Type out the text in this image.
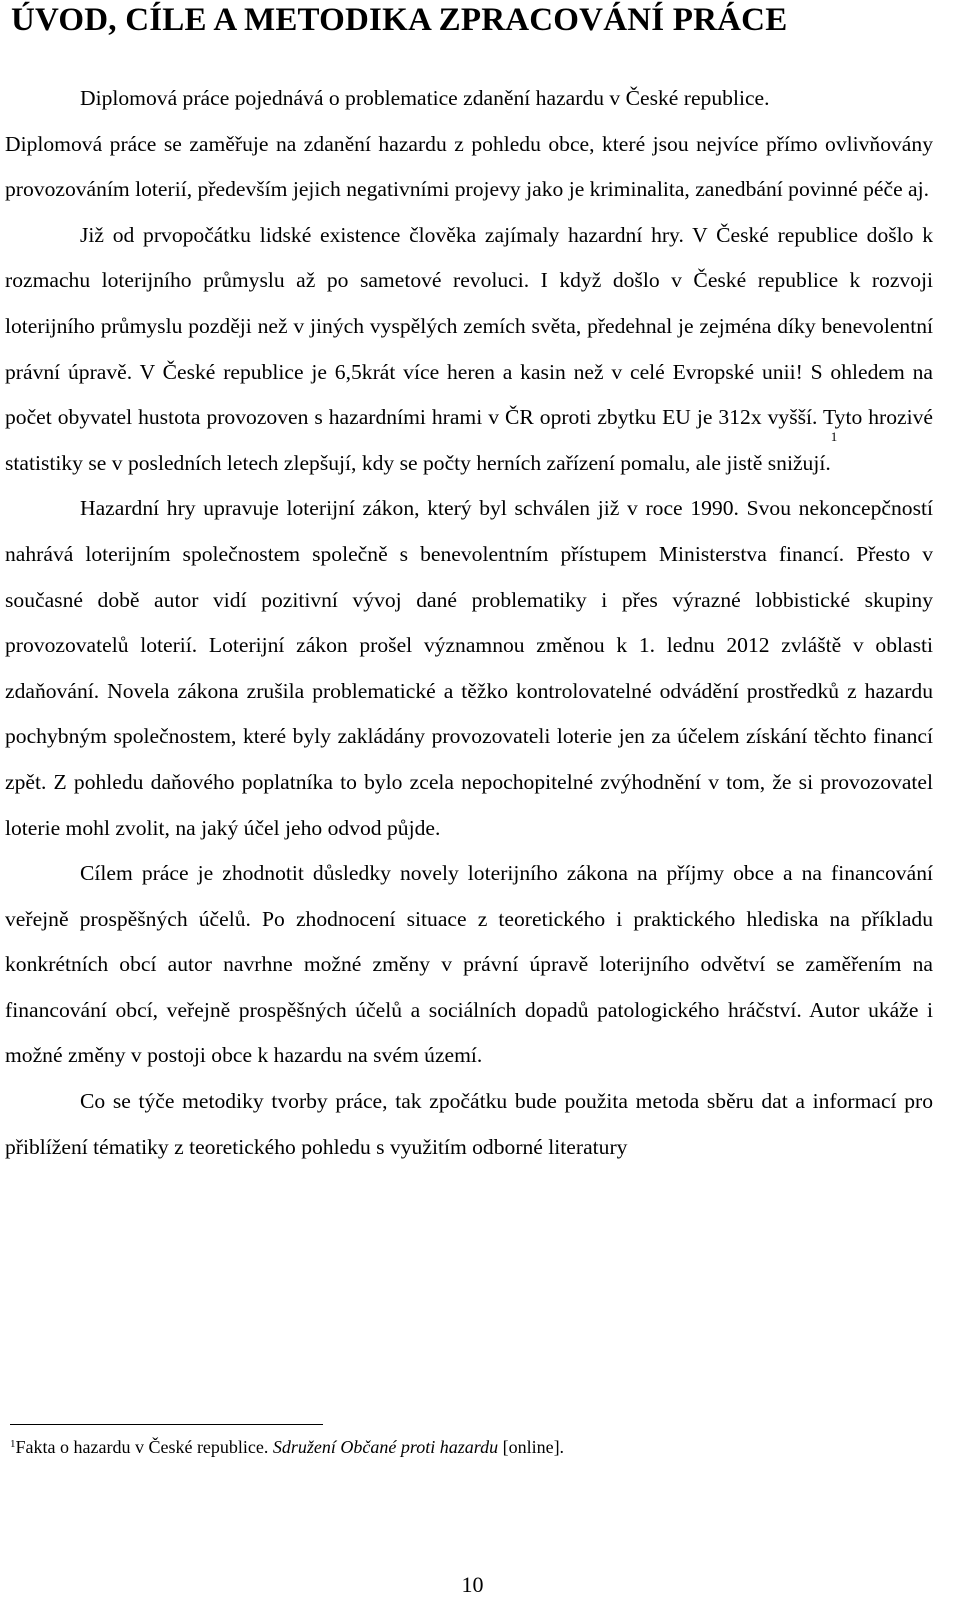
ÚVOD, CÍLE A METODIKA ZPRACOVÁNÍ PRÁCE

Diplomová práce pojednává o problematice zdanění hazardu v České republice.

Diplomová práce se zaměřuje na zdanění hazardu z pohledu obce, které jsou nejvíce přímo ovlivňovány provozováním loterií, především jejich negativními projevy jako je kriminalita, zanedbání povinné péče aj.

Již od prvopočátku lidské existence člověka zajímaly hazardní hry. V České republice došlo k rozmachu loterijního průmyslu až po sametové revoluci. I když došlo v České republice k rozvoji loterijního průmyslu později než v jiných vyspělých zemích světa, předehnal je zejména díky benevolentní právní úpravě. V České republice je 6,5krát více heren a kasin než v celé Evropské unii! S ohledem na počet obyvatel hustota provozoven s hazardními hrami v ČR oproti zbytku EU je 312x vyšší. Tyto hrozivé statistiky se v posledních letech zlepšují, kdy se počty herních zařízení pomalu, ale jistě snižují.$^1$

Hazardní hry upravuje loterijní zákon, který byl schválen již v roce 1990. Svou nekoncepčností nahrává loterijním společnostem společně s benevolentním přístupem Ministerstva financí. Přesto v současné době autor vidí pozitivní vývoj dané problematiky i přes výrazné lobbistické skupiny provozovatelů loterií. Loterijní zákon prošel významnou změnou k 1. lednu 2012 zvláště v oblasti zdaňování. Novela zákona zrušila problematické a těžko kontrolovatelné odvádění prostředků z hazardu pochybným společnostem, které byly zakládány provozovateli loterie jen za účelem získání těchto financí zpět. Z pohledu daňového poplatníka to bylo zcela nepochopitelné zvýhodnění v tom, že si provozovatel loterie mohl zvolit, na jaký účel jeho odvod půjde.

Cílem práce je zhodnotit důsledky novely loterijního zákona na příjmy obce a na financování veřejně prospěšných účelů. Po zhodnocení situace z teoretického i praktického hlediska na příkladu konkrétních obcí autor navrhne možné změny v právní úpravě loterijního odvětví se zaměřením na financování obcí, veřejně prospěšných účelů a sociálních dopadů patologického hráčství. Autor ukáže i možné změny v postoji obce k hazardu na svém území.

Co se týče metodiky tvorby práce, tak zpočátku bude použita metoda sběru dat a informací pro přiblížení tématiky z teoretického pohledu s využitím odborné literatury

$^1$Fakta o hazardu v České republice. Sdružení Občané proti hazardu [online].
10
